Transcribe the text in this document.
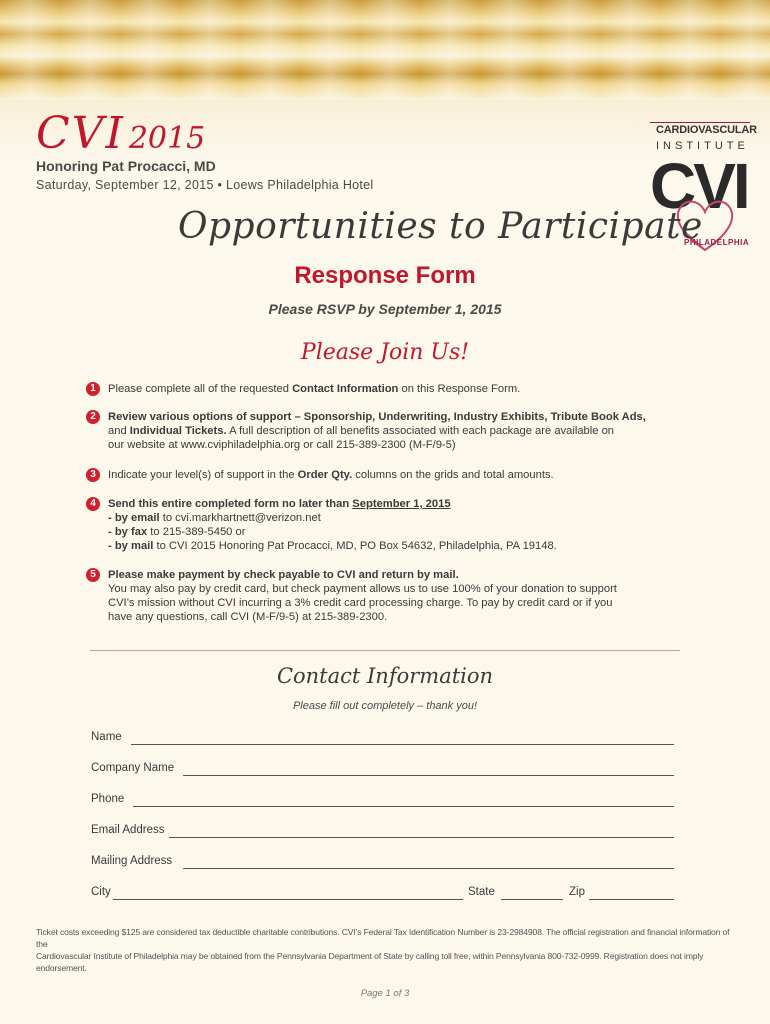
CVI 2015
Honoring Pat Procacci, MD
Saturday, September 12, 2015 • Loews Philadelphia Hotel
CARDIOVASCULAR
INSTITUTE
CVI
PHILADELPHIA
Opportunities to Participate
Response Form
Please RSVP by September 1, 2015
Please Join Us!
1	Please complete all of the requested Contact Information on this Response Form.
2	Review various options of support – Sponsorship, Underwriting, Industry Exhibits, Tribute Book Ads,
and Individual Tickets. A full description of all benefits associated with each package are available on
our website at www.cviphiladelphia.org or call 215-389-2300 (M-F/9-5)
3	Indicate your level(s) of support in the Order Qty. columns on the grids and total amounts.
4	Send this entire completed form no later than September 1, 2015
- by email to cvi.markhartnett@verizon.net
- by fax to 215-389-5450 or
- by mail to CVI 2015 Honoring Pat Procacci, MD, PO Box 54632, Philadelphia, PA 19148.
5	Please make payment by check payable to CVI and return by mail.
You may also pay by credit card, but check payment allows us to use 100% of your donation to support
CVI’s mission without CVI incurring a 3% credit card processing charge. To pay by credit card or if you
have any questions, call CVI (M-F/9-5) at 215-389-2300.
Contact Information
Please fill out completely – thank you!
Name
Company Name
Phone
Email Address
Mailing Address
City	State	Zip
Ticket costs exceeding $125 are considered tax deductible charitable contributions. CVI’s Federal Tax Identification Number is 23-2984908. The official registration and financial information of the
Cardiovascular Institute of Philadelphia may be obtained from the Pennsylvania Department of State by calling toll free, within Pennsylvania 800-732-0999. Registration does not imply endorsement.
Page 1 of 3
